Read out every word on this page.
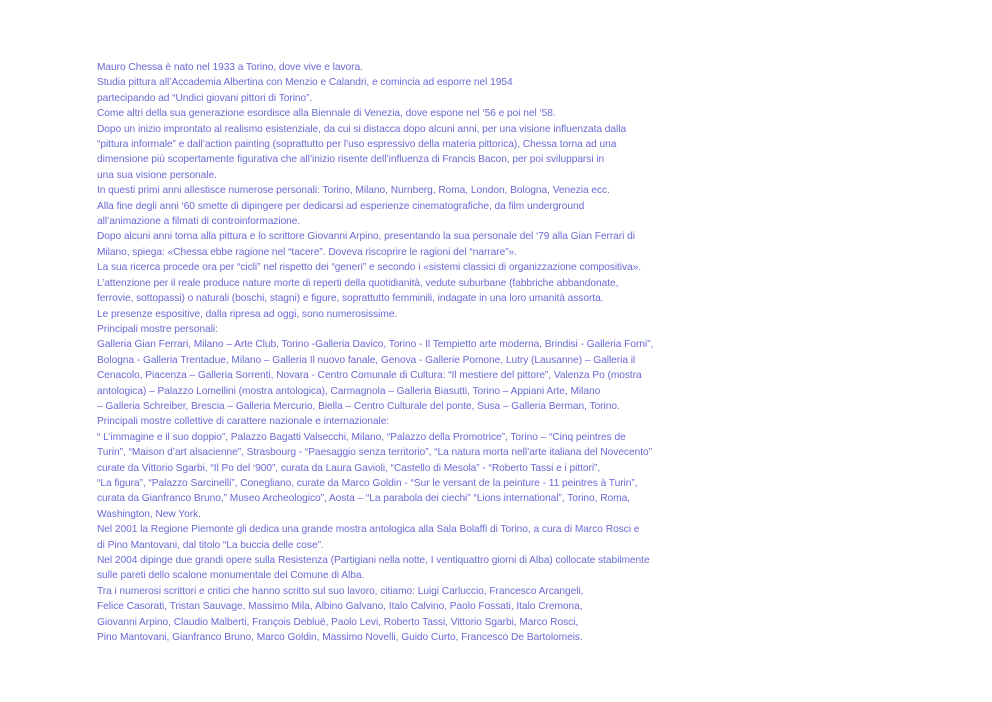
Mauro Chessa è nato nel 1933 a Torino, dove vive e lavora.
Studia pittura all’Accademia Albertina con Menzio e Calandri, e comincia ad esporre nel 1954
partecipando ad “Undici giovani pittori di Torino”.
Come altri della sua generazione esordisce alla Biennale di Venezia, dove espone nel ‘56 e poi nel ‘58.
Dopo un inizio improntato al realismo esistenziale, da cui si distacca dopo alcuni anni, per una visione influenzata dalla
“pittura informale” e dall’action painting (soprattutto per l’uso espressivo della materia pittorica), Chessa torna ad una
dimensione più scopertamente figurativa che all’inizio risente dell’influenza di Francis Bacon, per poi svilupparsi in
una sua visione personale.
In questi primi anni allestisce numerose personali: Torino, Milano, Nurnberg, Roma, London, Bologna, Venezia ecc.
Alla fine degli anni ‘60 smette di dipingere per dedicarsi ad esperienze cinematografiche, da film underground
all’animazione a filmati di controinformazione.
Dopo alcuni anni torna alla pittura e lo scrittore Giovanni Arpino, presentando la sua personale del ‘79 alla Gian Ferrari di
Milano, spiega: «Chessa ebbe ragione nel “tacere”. Doveva riscoprire le ragioni del “narrare”».
La sua ricerca procede ora per “cicli” nel rispetto dei “generi” e secondo i «sistemi classici di organizzazione compositiva».
L’attenzione per il reale produce nature morte di reperti della quotidianità, vedute suburbane (fabbriche abbandonate,
ferrovie, sottopassi) o naturali (boschi, stagni) e figure, soprattutto femminili, indagate in una loro umanità assorta.
Le presenze espositive, dalla ripresa ad oggi, sono numerosissime.
Principali mostre personali:
Galleria Gian Ferrari, Milano – Arte Club, Torino -Galleria Davico, Torino - Il Tempietto arte moderna, Brindisi - Galleria Forni”,
Bologna - Galleria Trentadue, Milano – Galleria Il nuovo fanale, Genova - Gallerie Pomone, Lutry (Lausanne) – Galleria il
Cenacolo, Piacenza – Galleria Sorrenti, Novara - Centro Comunale di Cultura: “Il mestiere del pittore”, Valenza Po (mostra
antologica) – Palazzo Lomellini (mostra antologica), Carmagnola – Galleria Biasutti, Torino – Appiani Arte, Milano
– Galleria Schreiber, Brescia – Galleria Mercurio, Biella – Centro Culturale del ponte, Susa – Galleria Berman, Torino.
Principali mostre collettive di carattere nazionale e internazionale:
“ L’immagine e il suo doppio”, Palazzo Bagatti Valsecchi, Milano, “Palazzo della Promotrice”, Torino – “Cinq peintres de
Turin”, “Maison d’art alsacienne”, Strasbourg - “Paesaggio senza territorio”, “La natura morta nell’arte italiana del Novecento”
curate da Vittorio Sgarbi, “Il Po del ‘900”, curata da Laura Gavioli, “Castello di Mesola” - “Roberto Tassi e i pittori”,
“La figura”, “Palazzo Sarcinelli”, Conegliano, curate da Marco Goldin - “Sur le versant de la peinture - 11 peintres à Turin”,
curata da Gianfranco Bruno,” Museo Archeologico”, Aosta – “La parabola dei ciechi” “Lions international”, Torino, Roma,
Washington, New York.
Nel 2001 la Regione Piemonte gli dedica una grande mostra antologica alla Sala Bolaffi di Torino, a cura di Marco Rosci e
di Pino Mantovani, dal titolo “La buccia delle cose”.
Nel 2004 dipinge due grandi opere sulla Resistenza (Partigiani nella notte, I ventiquattro giorni di Alba) collocate stabilmente
sulle pareti dello scalone monumentale del Comune di Alba.
Tra i numerosi scrittori e critici che hanno scritto sul suo lavoro, citiamo: Luigi Carluccio, Francesco Arcangeli,
Felice Casorati, Tristan Sauvage, Massimo Mila, Albino Galvano, Italo Calvino, Paolo Fossati, Italo Cremona,
Giovanni Arpino, Claudio Malberti, François Debluë, Paolo Levi, Roberto Tassi, Vittorio Sgarbi, Marco Rosci,
Pino Mantovani, Gianfranco Bruno, Marco Goldin, Massimo Novelli, Guido Curto, Francesco De Bartolomeis.
